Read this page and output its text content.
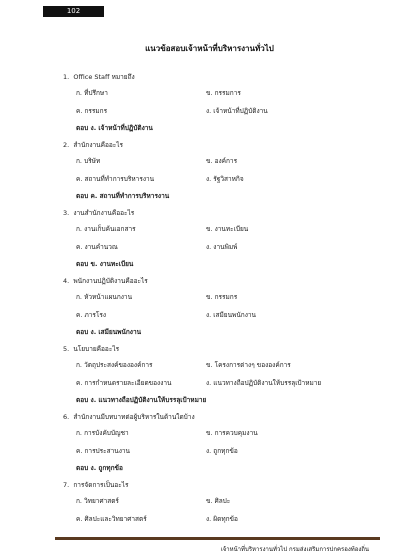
102
แนวข้อสอบเจ้าหน้าที่บริหารงานทั่วไป
1. Office Staff หมายถึง
ก. ที่ปรึกษา	ข. กรรมการ
ค. กรรมกร	ง. เจ้าหน้าที่ปฏิบัติงาน
ตอบ ง. เจ้าหน้าที่ปฏิบัติงาน
2. สำนักงานคืออะไร
ก. บริษัท	ข. องค์การ
ค. สถานที่ทำการบริหารงาน	ง. รัฐวิสาหกิจ
ตอบ ค. สถานที่ทำการบริหารงาน
3. งานสำนักงานคืออะไร
ก. งานเก็บค้นเอกสาร	ข. งานทะเบียน
ค. งานคำนวณ	ง. งานพิมพ์
ตอบ ข. งานทะเบียน
4. พนักงานปฏิบัติงานคืออะไร
ก. หัวหน้าแผนกงาน	ข. กรรมกร
ค. ภารโรง	ง. เสมียนพนักงาน
ตอบ ง. เสมียนพนักงาน
5. นโยบายคืออะไร
ก. วัตถุประสงค์ขององค์การ	ข. โครงการต่างๆ ขององค์การ
ค. การกำหนดรายละเอียดของงาน	ง. แนวทางถือปฏิบัติงานให้บรรลุเป้าหมาย
ตอบ ง. แนวทางถือปฏิบัติงานให้บรรลุเป้าหมาย
6. สำนักงานมีบทบาทต่อผู้บริหารในด้านใดบ้าง
ก. การบังคับบัญชา	ข. การควบคุมงาน
ค. การประสานงาน	ง. ถูกทุกข้อ
ตอบ ง. ถูกทุกข้อ
7. การจัดการเป็นอะไร
ก. วิทยาศาสตร์	ข. ศิลปะ
ค. ศิลปะและวิทยาศาสตร์	ง. ผิดทุกข้อ
เจ้าหน้าที่บริหารงานทั่วไป กรมส่งเสริมการปกครองท้องถิ่น
